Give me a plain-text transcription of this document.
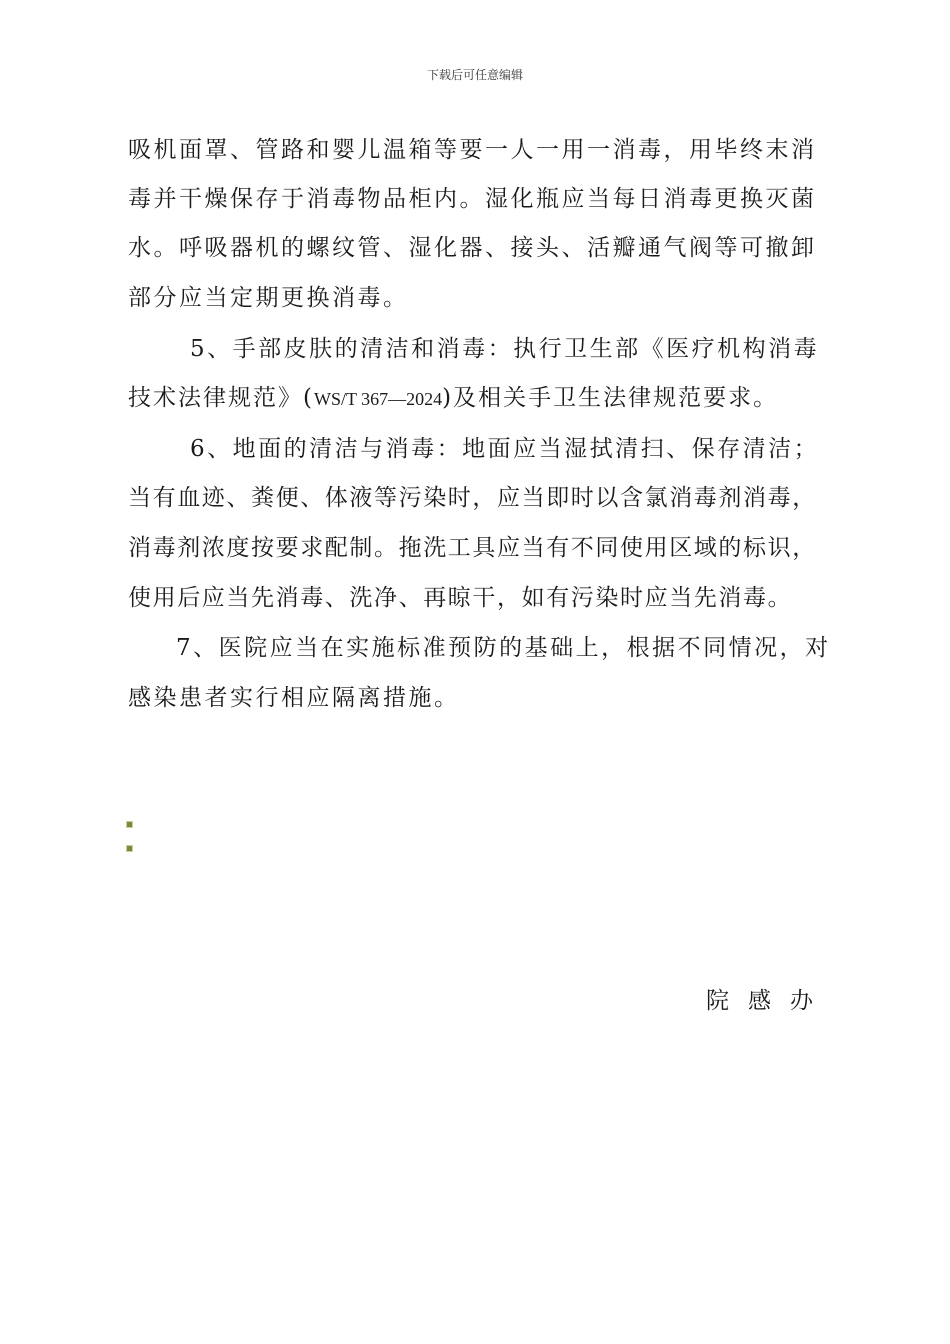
下载后可任意编辑
吸机面罩、管路和婴儿温箱等要一人一用一消毒，用毕终末消
毒并干燥保存于消毒物品柜内。湿化瓶应当每日消毒更换灭菌
水。呼吸器机的螺纹管、湿化器、接头、活瓣通气阀等可撤卸
部分应当定期更换消毒。
5、手部皮肤的清洁和消毒：执行卫生部《医疗机构消毒
技术法律规范》(WS/T 367—2024)及相关手卫生法律规范要求。
6、地面的清洁与消毒：地面应当湿拭清扫、保存清洁；
当有血迹、粪便、体液等污染时，应当即时以含氯消毒剂消毒，
消毒剂浓度按要求配制。拖洗工具应当有不同使用区域的标识，
使用后应当先消毒、洗净、再晾干，如有污染时应当先消毒。
7、医院应当在实施标准预防的基础上，根据不同情况，对
感染患者实行相应隔离措施。
院感办
